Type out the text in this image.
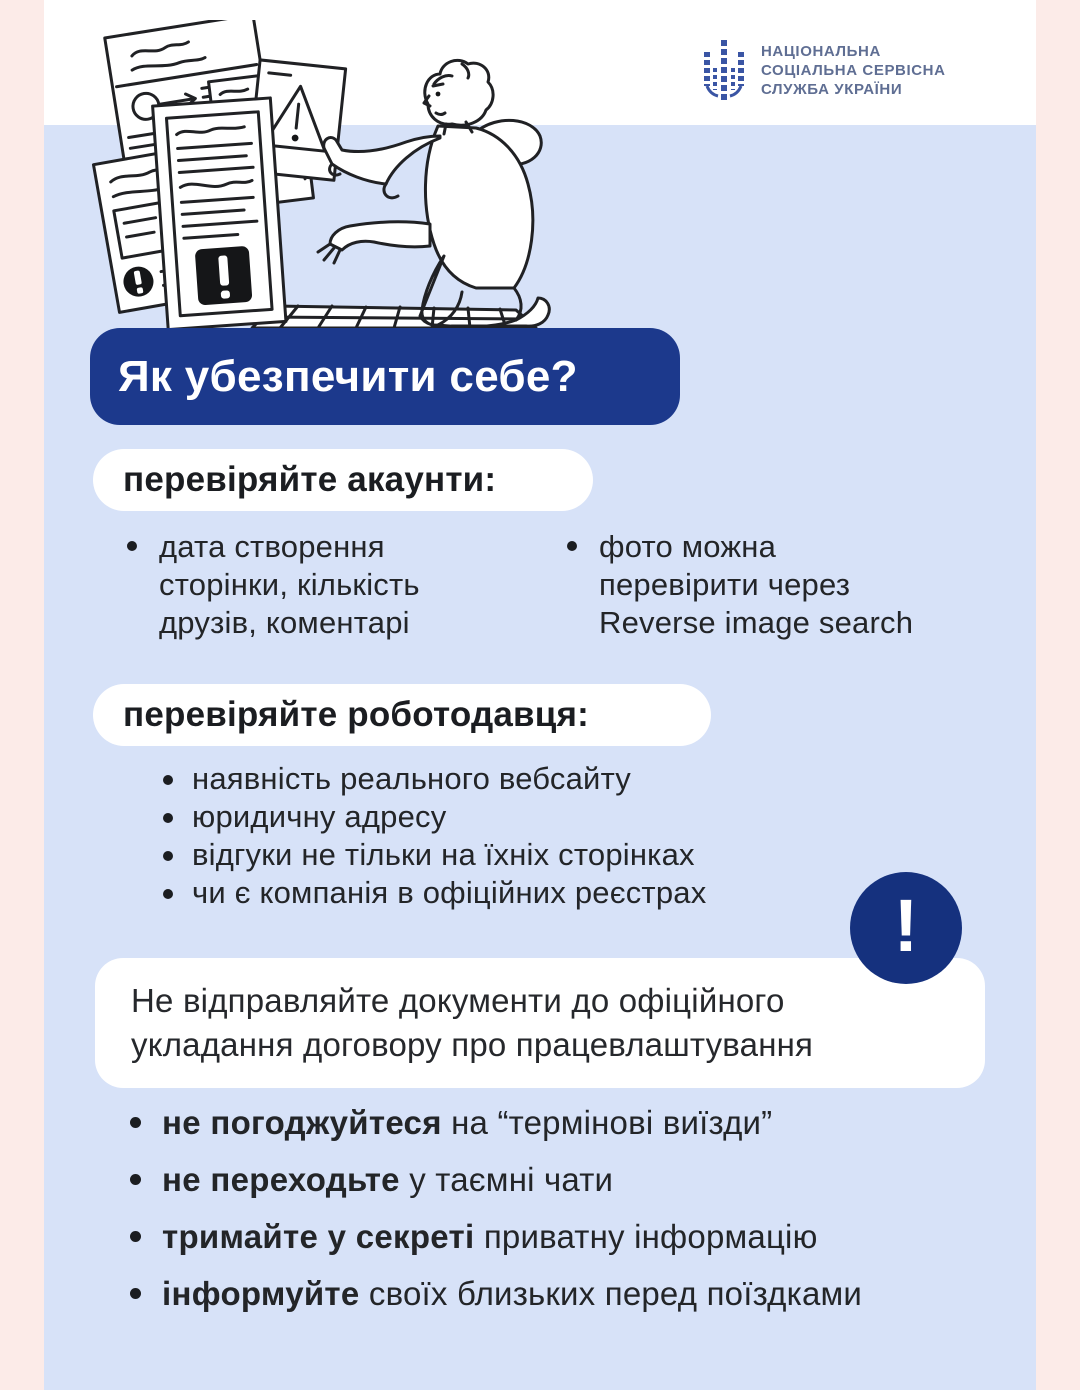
НАЦІОНАЛЬНА
СОЦІАЛЬНА СЕРВІСНА
СЛУЖБА УКРАЇНИ
Як убезпечити себе?
перевіряйте акаунти:
дата створення
сторінки, кількість
друзів, коментарі
фото можна
перевірити через
Reverse image search
перевіряйте роботодавця:
наявність реального вебсайту
юридичну адресу
відгуки не тільки на їхніх сторінках
чи є компанія в офіційних реєстрах	!
Не відправляйте документи до офіційного
укладання договору про працевлаштування
не погоджуйтеся на “термінові виїзди”
не переходьте у таємні чати
тримайте у секреті приватну інформацію
інформуйте своїх близьких перед поїздками
